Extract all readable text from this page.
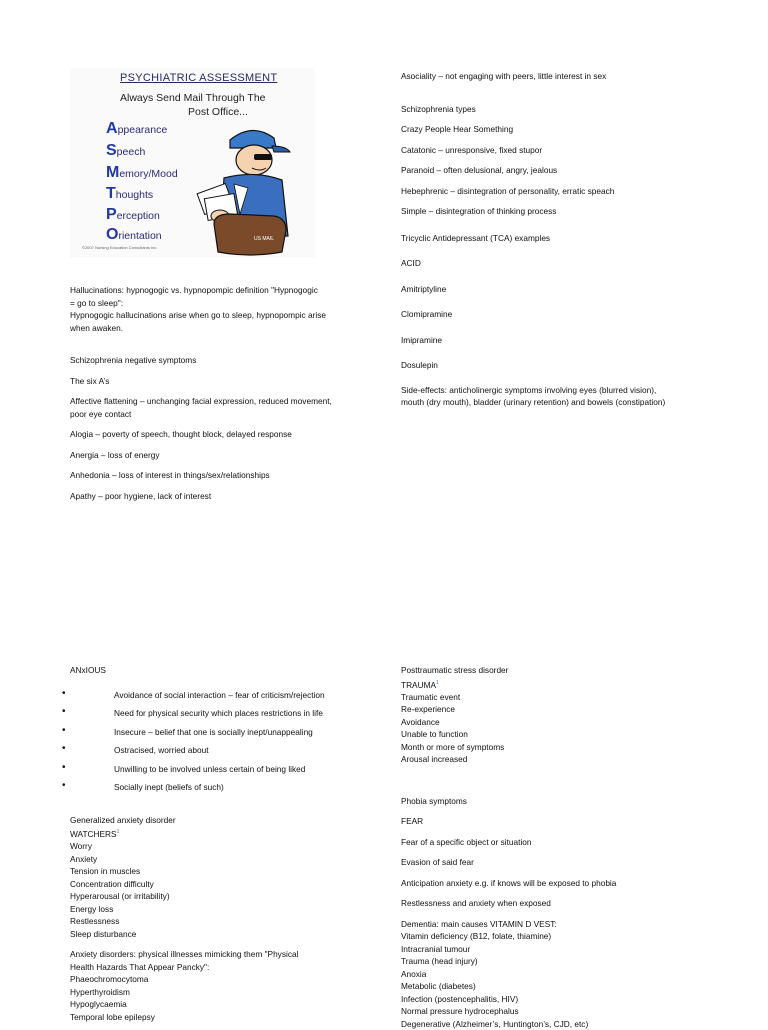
PSYCHIATRIC ASSESSMENT
Always Send Mail Through The
Post Office...
Appearance
Speech
Memory/Mood
Thoughts
Perception
Orientation
©2007 Nursing Education Consultants Inc.
US MAIL

Hallucinations: hypnogogic vs. hypnopompic definition "Hypnogogic

= go to sleep":

Hypnogogic hallucinations arise when go to sleep, hypnopompic arise

when awaken.

Schizophrenia negative symptoms

The six A’s

Affective flattening – unchanging facial expression, reduced movement,

poor eye contact

Alogia – poverty of speech, thought block, delayed response

Anergia – loss of energy

Anhedonia – loss of interest in things/sex/relationships

Apathy – poor hygiene, lack of interest

Asociality – not engaging with peers, little interest in sex

Schizophrenia types

Crazy People Hear Something

Catatonic – unresponsive, fixed stupor

Paranoid – often delusional, angry, jealous

Hebephrenic – disintegration of personality, erratic speach

Simple – disintegration of thinking process

Tricyclic Antidepressant (TCA) examples

ACID

Amitriptyline

Clomipramine

Imipramine

Dosulepin

Side-effects: anticholinergic symptoms involving eyes (blurred vision),

mouth (dry mouth), bladder (urinary retention) and bowels (constipation)

ANxIOUS

• Avoidance of social interaction – fear of criticism/rejection
• Need for physical security which places restrictions in life
• Insecure – belief that one is socially inept/unappealing
• Ostracised, worried about
• Unwilling to be involved unless certain of being liked
• Socially inept (beliefs of such)

Generalized anxiety disorder

WATCHERS$^1$

Worry

Anxiety

Tension in muscles

Concentration difficulty

Hyperarousal (or irritability)

Energy loss

Restlessness

Sleep disturbance

Anxiety disorders: physical illnesses mimicking them "Physical

Health Hazards That Appear Pancky":

Phaeochromocytoma

Hyperthyroidism

Hypoglycaemia

Temporal lobe epilepsy

Posttraumatic stress disorder

TRAUMA$^1$

Traumatic event

Re-experience

Avoidance

Unable to function

Month or more of symptoms

Arousal increased

Phobia symptoms

FEAR

Fear of a specific object or situation

Evasion of said fear

Anticipation anxiety e.g. if knows will be exposed to phobia

Restlessness and anxiety when exposed

Dementia: main causes VITAMIN D VEST:

Vitamin deficiency (B12, folate, thiamine)

Intracranial tumour

Trauma (head injury)

Anoxia

Metabolic (diabetes)

Infection (postencephalitis, HIV)

Normal pressure hydrocephalus

Degenerative (Alzheimer’s, Huntington’s, CJD, etc)
